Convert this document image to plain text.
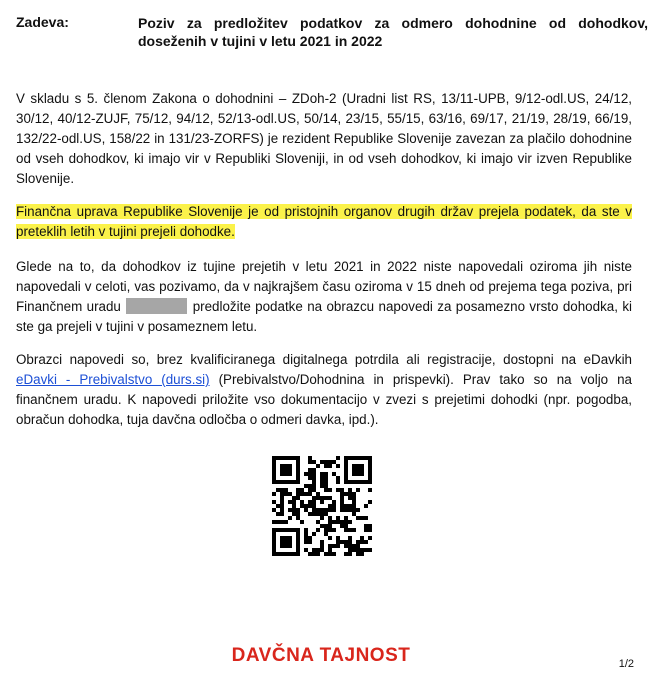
Zadeva:	Poziv za predložitev podatkov za odmero dohodnine od dohodkov, doseženih v tujini v letu 2021 in 2022

V skladu s 5. členom Zakona o dohodnini – ZDoh-2 (Uradni list RS, 13/11-UPB, 9/12-odl.US, 24/12, 30/12, 40/12-ZUJF, 75/12, 94/12, 52/13-odl.US, 50/14, 23/15, 55/15, 63/16, 69/17, 21/19, 28/19, 66/19, 132/22-odl.US, 158/22 in 131/23-ZORFS) je rezident Republike Slovenije zavezan za plačilo dohodnine od vseh dohodkov, ki imajo vir v Republiki Sloveniji, in od vseh dohodkov, ki imajo vir izven Republike Slovenije.

Finančna uprava Republike Slovenije je od pristojnih organov drugih držav prejela podatek, da ste v preteklih letih v tujini prejeli dohodke.

Glede na to, da dohodkov iz tujine prejetih v letu 2021 in 2022 niste napovedali oziroma jih niste napovedali v celoti, vas pozivamo, da v najkrajšem času oziroma v 15 dneh od prejema tega poziva, pri Finančnem uradu	predložite podatke na obrazcu napovedi za posamezno vrsto dohodka, ki ste ga prejeli v tujini v posameznem letu.

Obrazci napovedi so, brez kvalificiranega digitalnega potrdila ali registracije, dostopni na eDavkih eDavki - Prebivalstvo (durs.si) (Prebivalstvo/Dohodnina in prispevki). Prav tako so na voljo na finančnem uradu. K napovedi priložite vso dokumentacijo v zvezi s prejetimi dohodki (npr. pogodba, obračun dohodka, tuja davčna odločba o odmeri davka, ipd.).

DAVČNA TAJNOST	1/2
